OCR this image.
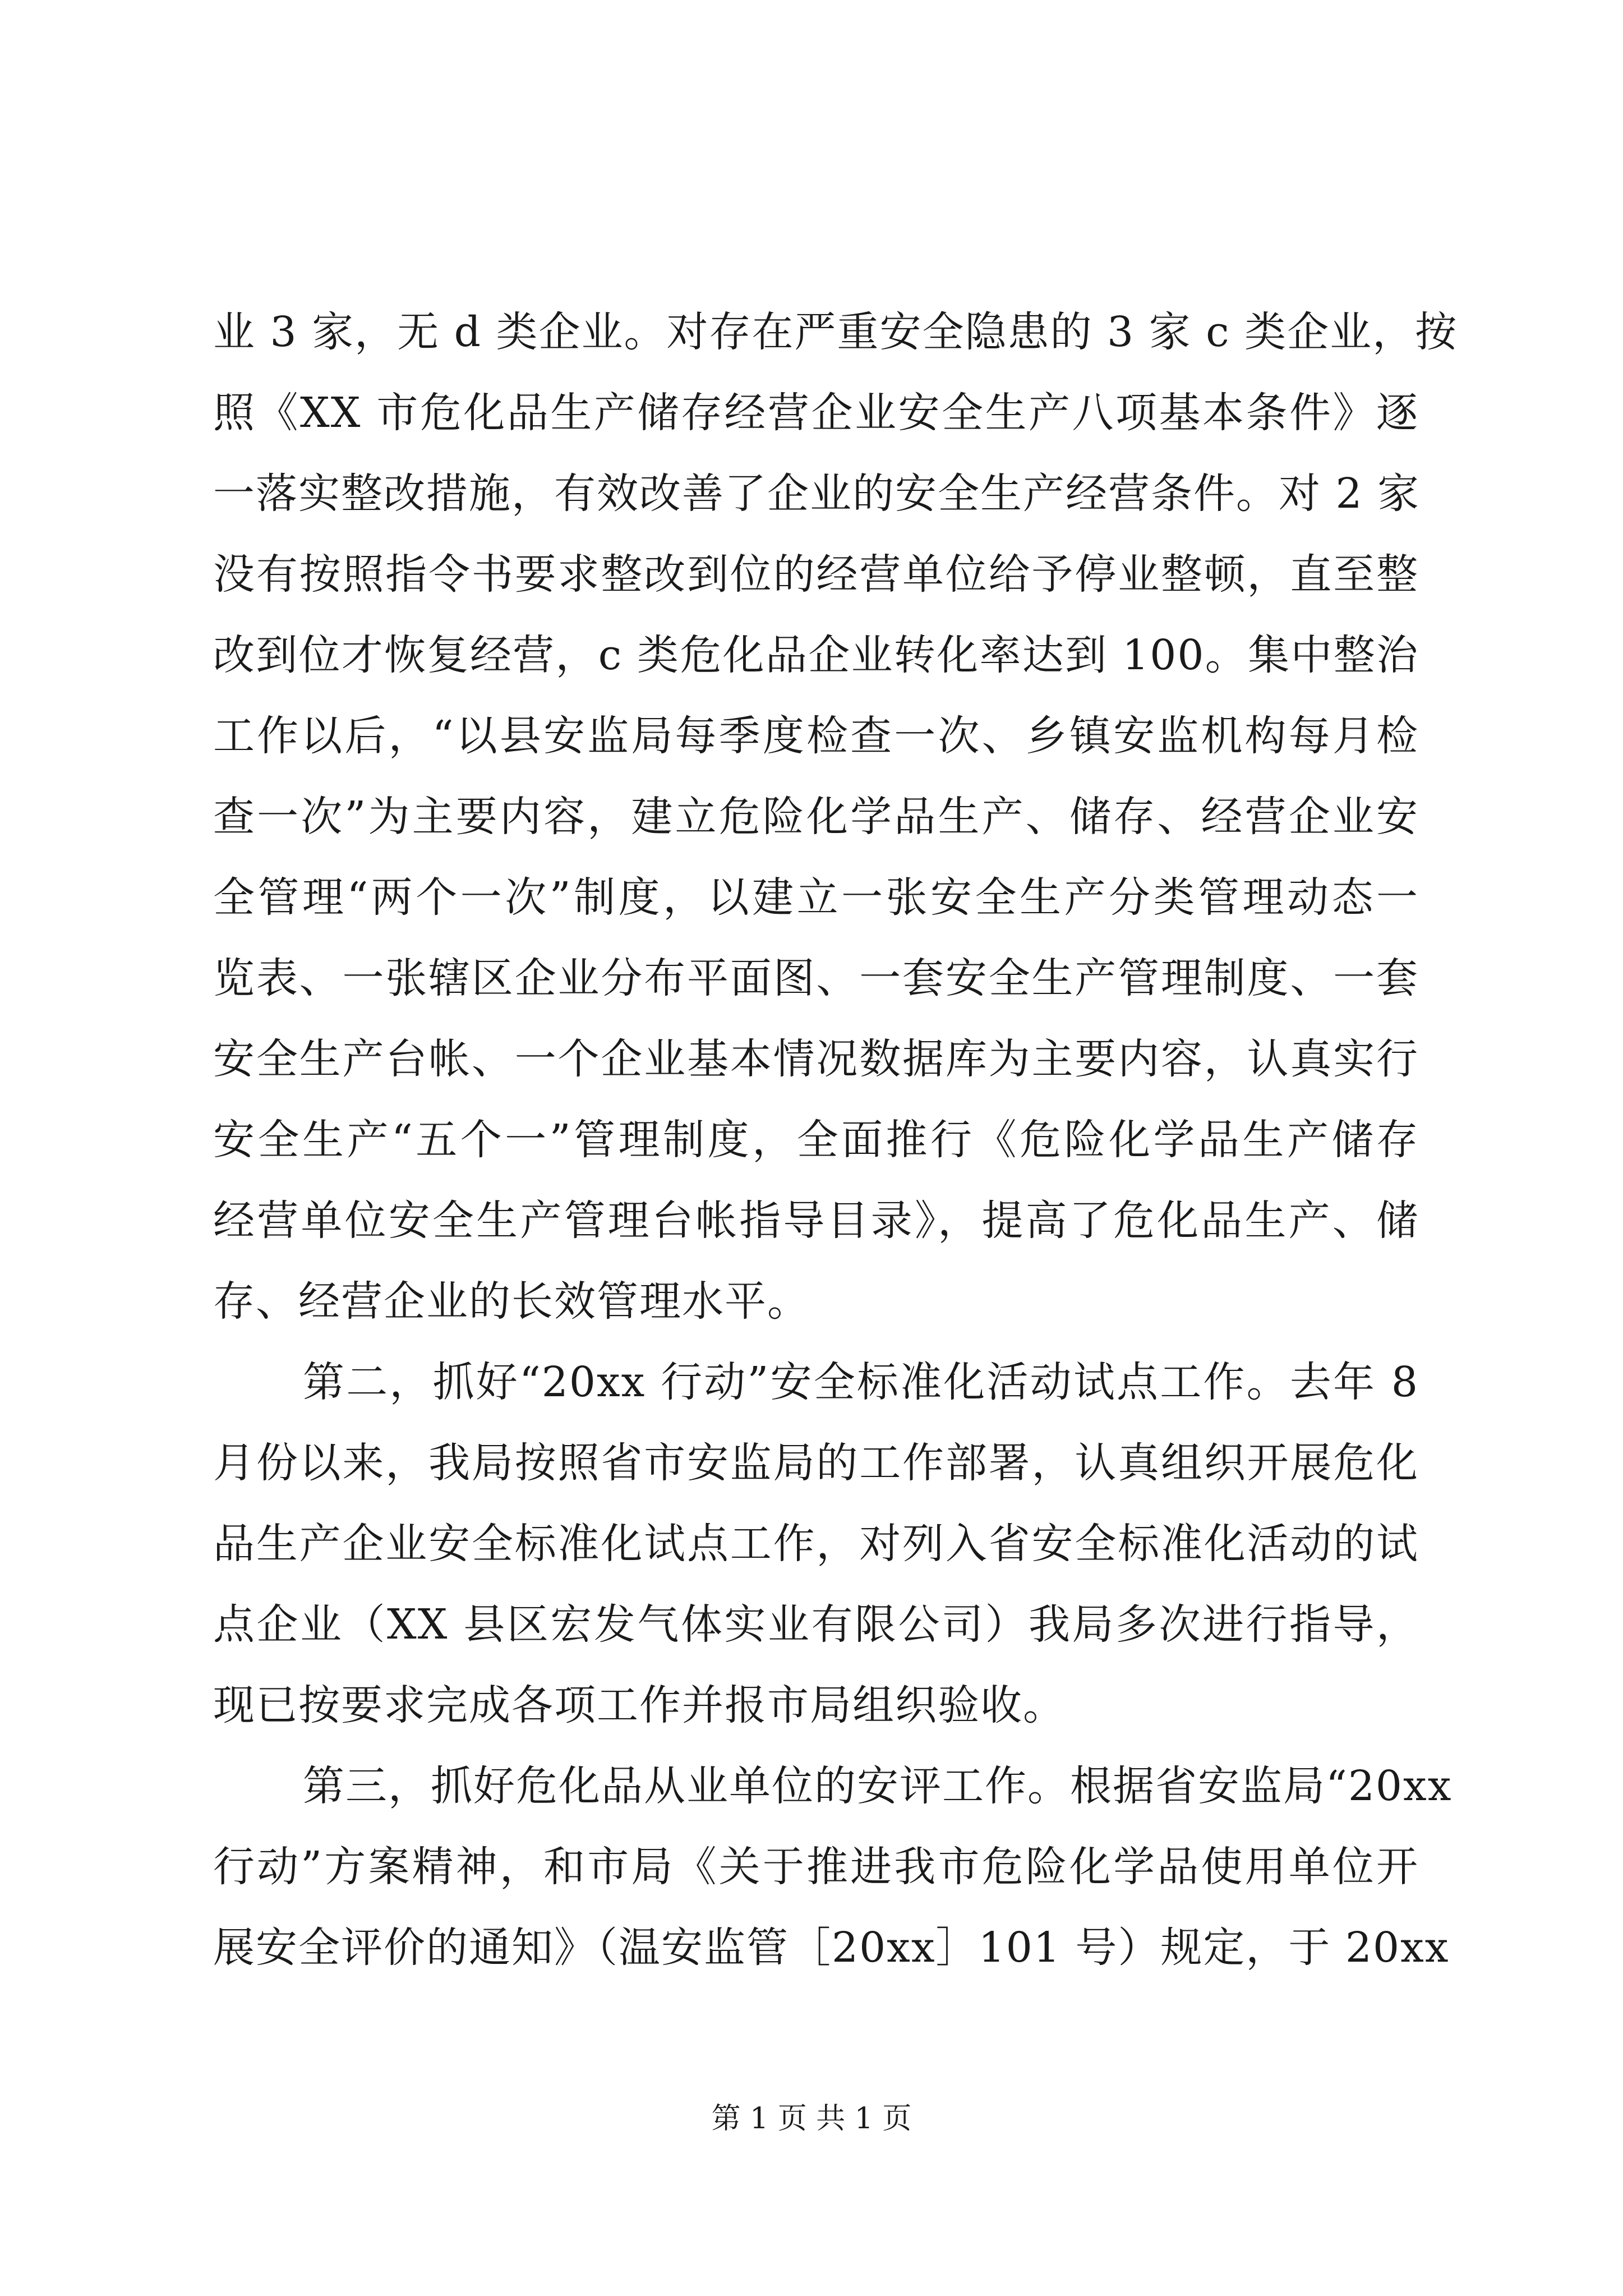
业 3 家，无 d 类企业。对存在严重安全隐患的 3 家 c 类企业，按
照《XX 市危化品生产储存经营企业安全生产八项基本条件》逐
一落实整改措施，有效改善了企业的安全生产经营条件。对 2 家
没有按照指令书要求整改到位的经营单位给予停业整顿，直至整
改到位才恢复经营，c 类危化品企业转化率达到 100。集中整治
工作以后，“以县安监局每季度检查一次、乡镇安监机构每月检
查一次”为主要内容，建立危险化学品生产、储存、经营企业安
全管理“两个一次”制度，以建立一张安全生产分类管理动态一
览表、一张辖区企业分布平面图、一套安全生产管理制度、一套
安全生产台帐、一个企业基本情况数据库为主要内容，认真实行
安全生产“五个一”管理制度，全面推行《危险化学品生产储存
经营单位安全生产管理台帐指导目录》，提高了危化品生产、储
存、经营企业的长效管理水平。
第二，抓好“20xx 行动”安全标准化活动试点工作。去年 8
月份以来，我局按照省市安监局的工作部署，认真组织开展危化
品生产企业安全标准化试点工作，对列入省安全标准化活动的试
点企业（XX 县区宏发气体实业有限公司）我局多次进行指导，
现已按要求完成各项工作并报市局组织验收。
第三，抓好危化品从业单位的安评工作。根据省安监局“20xx
行动”方案精神，和市局《关于推进我市危险化学品使用单位开
展安全评价的通知》（温安监管［20xx］101 号）规定，于 20xx
第 1 页 共 1 页
